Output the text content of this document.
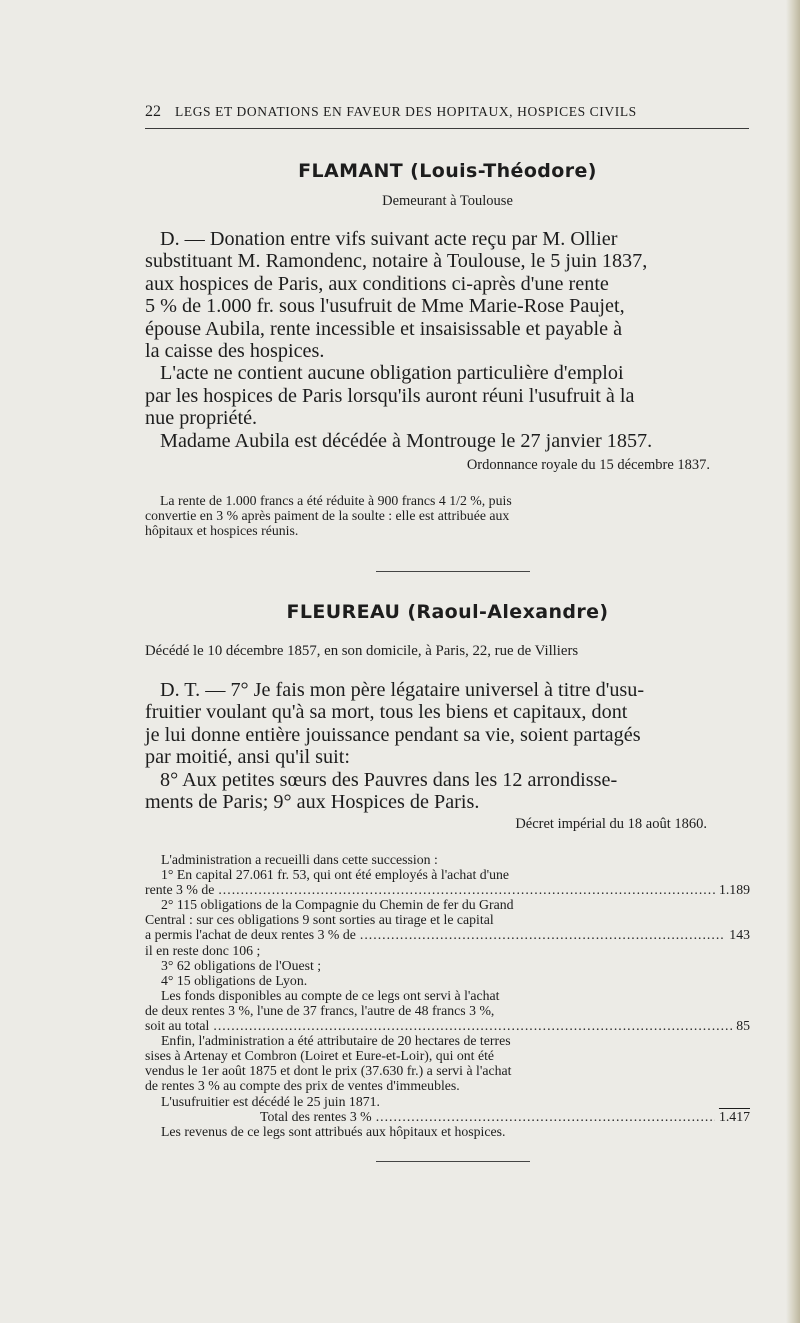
22 LEGS ET DONATIONS EN FAVEUR DES HOPITAUX, HOSPICES CIVILS
FLAMANT (Louis-Théodore)
Demeurant à Toulouse

D. — Donation entre vifs suivant acte reçu par M. Ollier

substituant M. Ramondenc, notaire à Toulouse, le 5 juin 1837,

aux hospices de Paris, aux conditions ci-après d'une rente

5 % de 1.000 fr. sous l'usufruit de Mme Marie-Rose Paujet,

épouse Aubila, rente incessible et insaisissable et payable à

la caisse des hospices.

L'acte ne contient aucune obligation particulière d'emploi

par les hospices de Paris lorsqu'ils auront réuni l'usufruit à la

nue propriété.

Madame Aubila est décédée à Montrouge le 27 janvier 1857.

Ordonnance royale du 15 décembre 1837.

La rente de 1.000 francs a été réduite à 900 francs 4 1/2 %, puis

convertie en 3 % après paiment de la soulte : elle est attribuée aux

hôpitaux et hospices réunis.

FLEUREAU (Raoul-Alexandre)
Décédé le 10 décembre 1857, en son domicile, à Paris, 22, rue de Villiers

D. T. — 7° Je fais mon père légataire universel à titre d'usu-

fruitier voulant qu'à sa mort, tous les biens et capitaux, dont

je lui donne entière jouissance pendant sa vie, soient partagés

par moitié, ansi qu'il suit:

8° Aux petites sœurs des Pauvres dans les 12 arrondisse-

ments de Paris; 9° aux Hospices de Paris.

Décret impérial du 18 août 1860.

L'administration a recueilli dans cette succession :

1° En capital 27.061 fr. 53, qui ont été employés à l'achat d'une

rente 3 % de .....	1.189

2° 115 obligations de la Compagnie du Chemin de fer du Grand

Central : sur ces obligations 9 sont sorties au tirage et le capital

a permis l'achat de deux rentes 3 % de .....	143

il en reste donc 106 ;

3° 62 obligations de l'Ouest ;

4° 15 obligations de Lyon.

Les fonds disponibles au compte de ce legs ont servi à l'achat

de deux rentes 3 %, l'une de 37 francs, l'autre de 48 francs 3 %,

soit au total .....	85

Enfin, l'administration a été attributaire de 20 hectares de terres

sises à Artenay et Combron (Loiret et Eure-et-Loir), qui ont été

vendus le 1er août 1875 et dont le prix (37.630 fr.) a servi à l'achat

de rentes 3 % au compte des prix de ventes d'immeubles.

L'usufruitier est décédé le 25 juin 1871.

Total des rentes 3 % .....	1.417

Les revenus de ce legs sont attribués aux hôpitaux et hospices.
